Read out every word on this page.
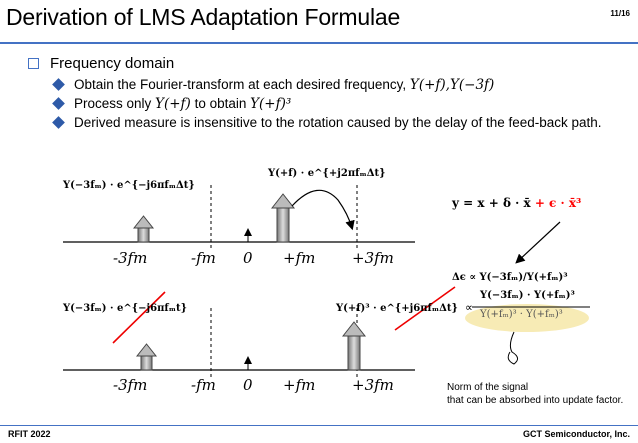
Derivation of LMS Adaptation Formulae	11/16
Frequency domain
Obtain the Fourier-transform at each desired frequency, Y(+f),Y(−3f)
Process only Y(+f) to obtain Y(+f)³
Derived measure is insensitive to the rotation caused by the delay of the feed-back path.
Y(−3fₘ) · e^{−j6πfₘΔt}
Y(+f) · e^{+j2πfₘΔt}
Y(−3fₘ) · e^{−j6πfₘt}	Y(+f)³ · e^{+j6πfₘΔt}
-3fm	-fm 0 +fm +3fm
-3fm	-fm 0 +fm +3fm
y = x + δ · x̄ + ϵ · x̄³
Δϵ ∝ Y(−3fₘ)/Y(+fₘ)³
∝
Y(−3fₘ) · Y(+fₘ)³
Y(+fₘ)³ · Y(+fₘ)³
Norm of the signal
that can be absorbed into update factor.
RFIT 2022	GCT Semiconductor, Inc.
